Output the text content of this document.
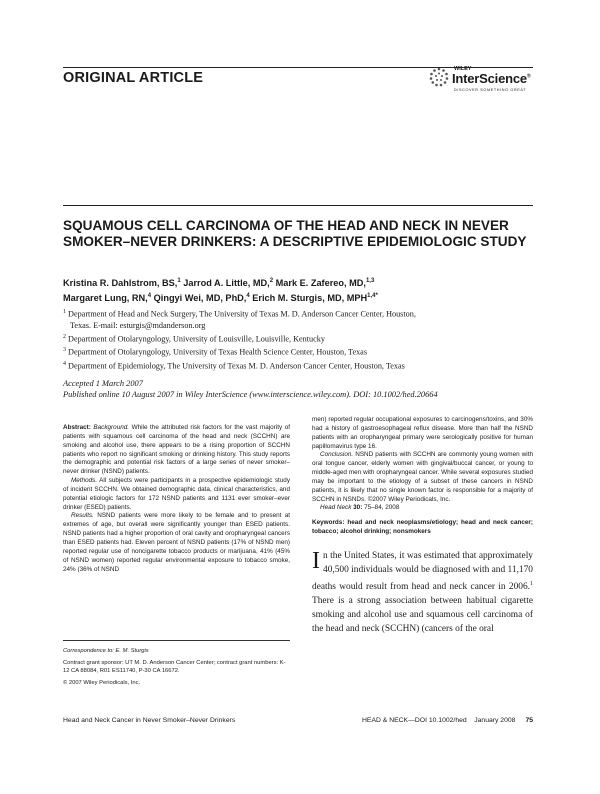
ORIGINAL ARTICLE
WILEY
InterScience®
DISCOVER SOMETHING GREAT
SQUAMOUS CELL CARCINOMA OF THE HEAD AND NECK IN NEVER SMOKER–NEVER DRINKERS: A DESCRIPTIVE EPIDEMIOLOGIC STUDY
Kristina R. Dahlstrom, BS,$^1$ Jarrod A. Little, MD,$^2$ Mark E. Zafereo, MD,$^{1,3}$
Margaret Lung, RN,$^4$ Qingyi Wei, MD, PhD,$^4$ Erich M. Sturgis, MD, $MPH^{1,4*}$
$^1$ Department of Head and Neck Surgery, The University of Texas M. D. Anderson Cancer Center, Houston,
Texas. E-mail: esturgis@mdanderson.org
$^2$ Department of Otolaryngology, University of Louisville, Louisville, Kentucky
$^3$ Department of Otolaryngology, University of Texas Health Science Center, Houston, Texas
$^4$ Department of Epidemiology, The University of Texas M. D. Anderson Cancer Center, Houston, Texas
Accepted 1 March 2007
Published online 10 August 2007 in Wiley InterScience (www.interscience.wiley.com). DOI: 10.1002/hed.20664

Abstract: Background. While the attributed risk factors for the vast majority of patients with squamous cell carcinoma of the head and neck (SCCHN) are smoking and alcohol use, there appears to be a rising proportion of SCCHN patients who report no significant smoking or drinking history. This study reports the demographic and potential risk factors of a large series of never smoker–never drinker (NSND) patients.

Methods. All subjects were participants in a prospective epidemiologic study of incident SCCHN. We obtained demographic data, clinical characteristics, and potential etiologic factors for 172 NSND patients and 1131 ever smoker–ever drinker (ESED) patients.

Results. NSND patients were more likely to be female and to present at extremes of age, but overall were significantly younger than ESED patients. NSND patients had a higher proportion of oral cavity and oropharyngeal cancers than ESED patients had. Eleven percent of NSND patients (17% of NSND men) reported regular use of noncigarette tobacco products or marijuana, 41% (45% of NSND women) reported regular environmental exposure to tobacco smoke, 24% (36% of NSND

men) reported regular occupational exposures to carcinogens/toxins, and 30% had a history of gastroesophageal reflux disease. More than half the NSND patients with an oropharyngeal primary were serologically positive for human papillomavirus type 16.

Conclusion. NSND patients with SCCHN are commonly young women with oral tongue cancer, elderly women with gingival/buccal cancer, or young to middle-aged men with oropharyngeal cancer. While several exposures studied may be important to the etiology of a subset of these cancers in NSND patients, it is likely that no single known factor is responsible for a majority of SCCHN in NSNDs. ©2007 Wiley Periodicals, Inc.

Head Neck 30: 75–84, 2008

Keywords: head and neck neoplasms/etiology; head and neck cancer; tobacco; alcohol drinking; nonsmokers

In the United States, it was estimated that approximately 40,500 individuals would be diagnosed with and 11,170 deaths would result from head and neck cancer in 2006.$^1$ There is a strong association between habitual cigarette smoking and alcohol use and squamous cell carcinoma of the head and neck (SCCHN) (cancers of the oral

Correspondence to: E. M. Sturgis

Contract grant sponsor: UT M. D. Anderson Cancer Center; contract grant numbers: K-12 CA 88084, R01 ES11740, P-30 CA 16672.

© 2007 Wiley Periodicals, Inc.

Head and Neck Cancer in Never Smoker–Never Drinkers	HEAD & NECK—DOI 10.1002/hed January 2008 75
